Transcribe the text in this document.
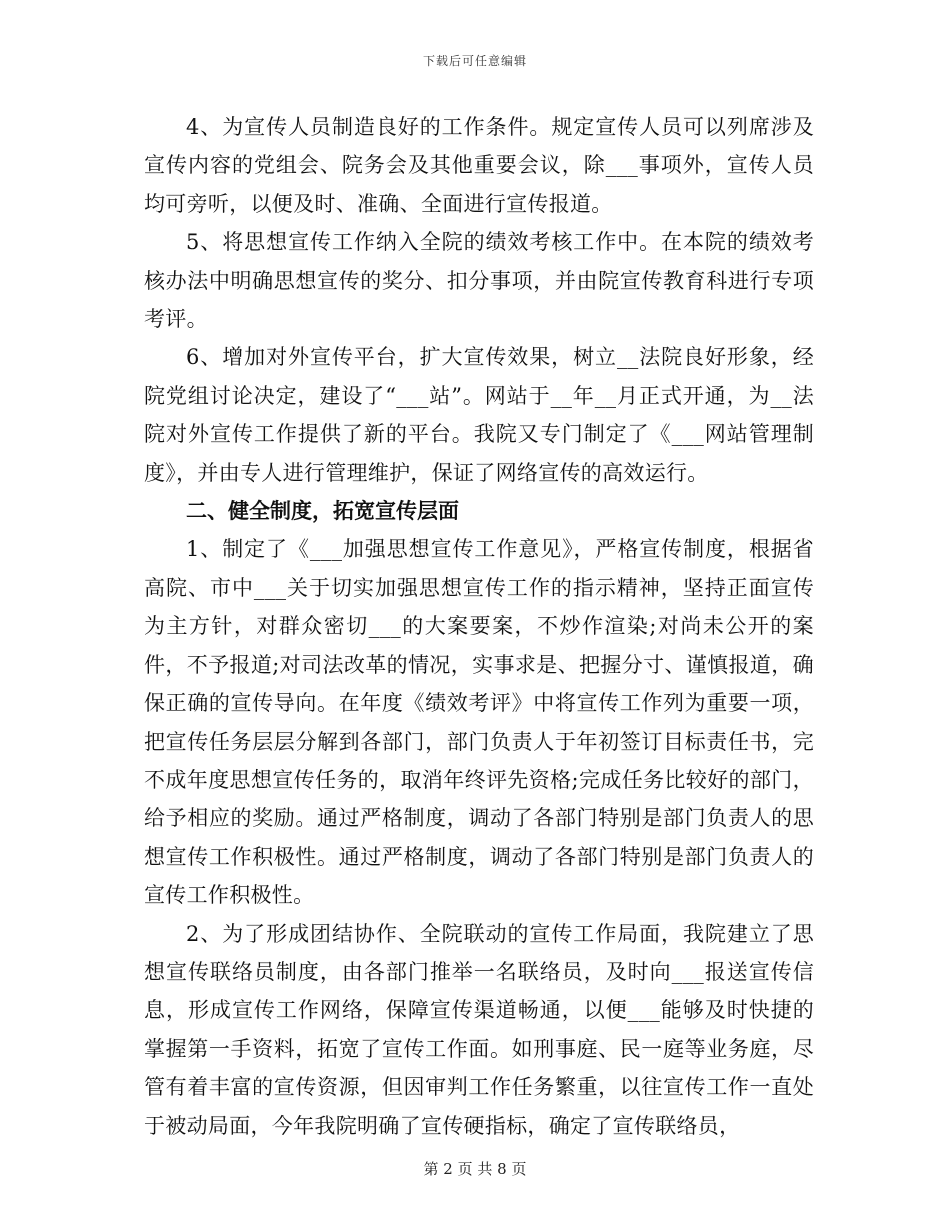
下载后可任意编辑

4、为宣传人员制造良好的工作条件。规定宣传人员可以列席涉及宣传内容的党组会、院务会及其他重要会议，除___事项外，宣传人员均可旁听，以便及时、准确、全面进行宣传报道。

5、将思想宣传工作纳入全院的绩效考核工作中。在本院的绩效考核办法中明确思想宣传的奖分、扣分事项，并由院宣传教育科进行专项考评。

6、增加对外宣传平台，扩大宣传效果，树立__法院良好形象，经院党组讨论决定，建设了“___站”。网站于__年__月正式开通，为__法院对外宣传工作提供了新的平台。我院又专门制定了《___网站管理制度》，并由专人进行管理维护，保证了网络宣传的高效运行。

二、健全制度，拓宽宣传层面

1、制定了《___加强思想宣传工作意见》，严格宣传制度，根据省高院、市中___关于切实加强思想宣传工作的指示精神，坚持正面宣传为主方针，对群众密切___的大案要案，不炒作渲染;对尚未公开的案件，不予报道;对司法改革的情况，实事求是、把握分寸、谨慎报道，确保正确的宣传导向。在年度《绩效考评》中将宣传工作列为重要一项，把宣传任务层层分解到各部门，部门负责人于年初签订目标责任书，完不成年度思想宣传任务的，取消年终评先资格;完成任务比较好的部门，给予相应的奖励。通过严格制度，调动了各部门特别是部门负责人的思想宣传工作积极性。通过严格制度，调动了各部门特别是部门负责人的宣传工作积极性。

2、为了形成团结协作、全院联动的宣传工作局面，我院建立了思想宣传联络员制度，由各部门推举一名联络员，及时向___报送宣传信息，形成宣传工作网络，保障宣传渠道畅通，以便___能够及时快捷的掌握第一手资料，拓宽了宣传工作面。如刑事庭、民一庭等业务庭，尽管有着丰富的宣传资源，但因审判工作任务繁重，以往宣传工作一直处于被动局面，今年我院明确了宣传硬指标，确定了宣传联络员，

第 2 页 共 8 页
